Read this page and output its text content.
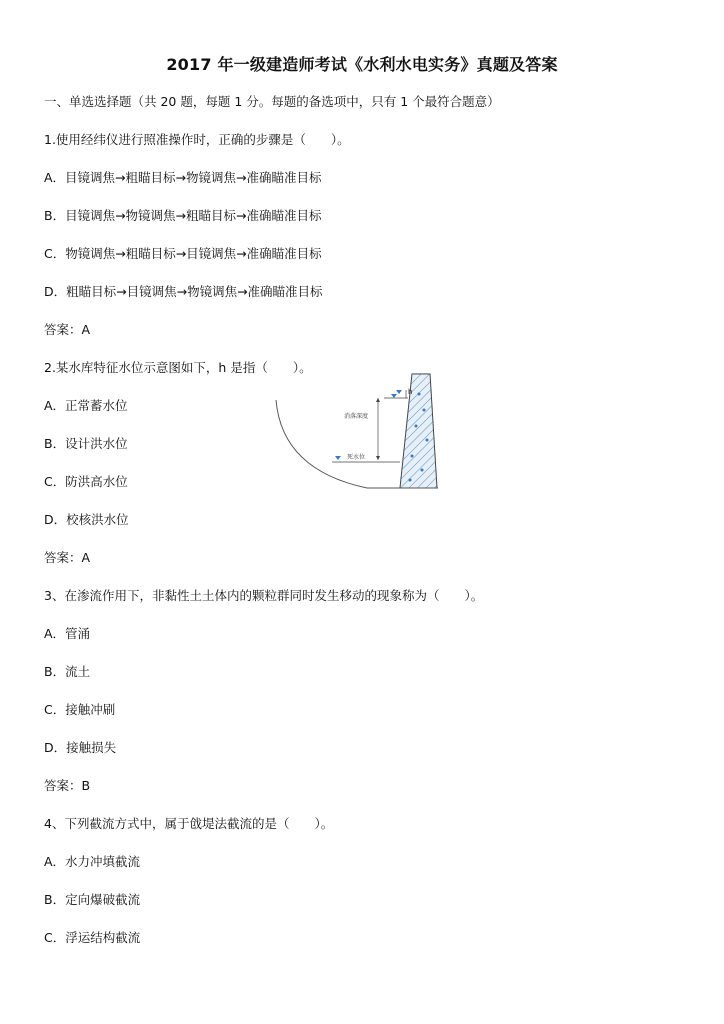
2017 年一级建造师考试《水利水电实务》真题及答案
一、单选选择题（共 20 题，每题 1 分。每题的备选项中，只有 1 个最符合题意）
1.使用经纬仪进行照准操作时，正确的步骤是（　　）。
A．目镜调焦→粗瞄目标→物镜调焦→准确瞄准目标
B．目镜调焦→物镜调焦→粗瞄目标→准确瞄准目标
C．物镜调焦→粗瞄目标→目镜调焦→准确瞄准目标
D．粗瞄目标→目镜调焦→物镜调焦→准确瞄准目标
答案：A
2.某水库特征水位示意图如下，h 是指（　　）。
A．正常蓄水位
B．设计洪水位
C．防洪高水位
D．校核洪水位
答案：A
h
消落深度
死水位
3、在渗流作用下，非黏性土土体内的颗粒群同时发生移动的现象称为（　　）。
A．管涌
B．流土
C．接触冲刷
D．接触损失
答案：B
4、下列截流方式中，属于戗堤法截流的是（　　）。
A．水力冲填截流
B．定向爆破截流
C．浮运结构截流
